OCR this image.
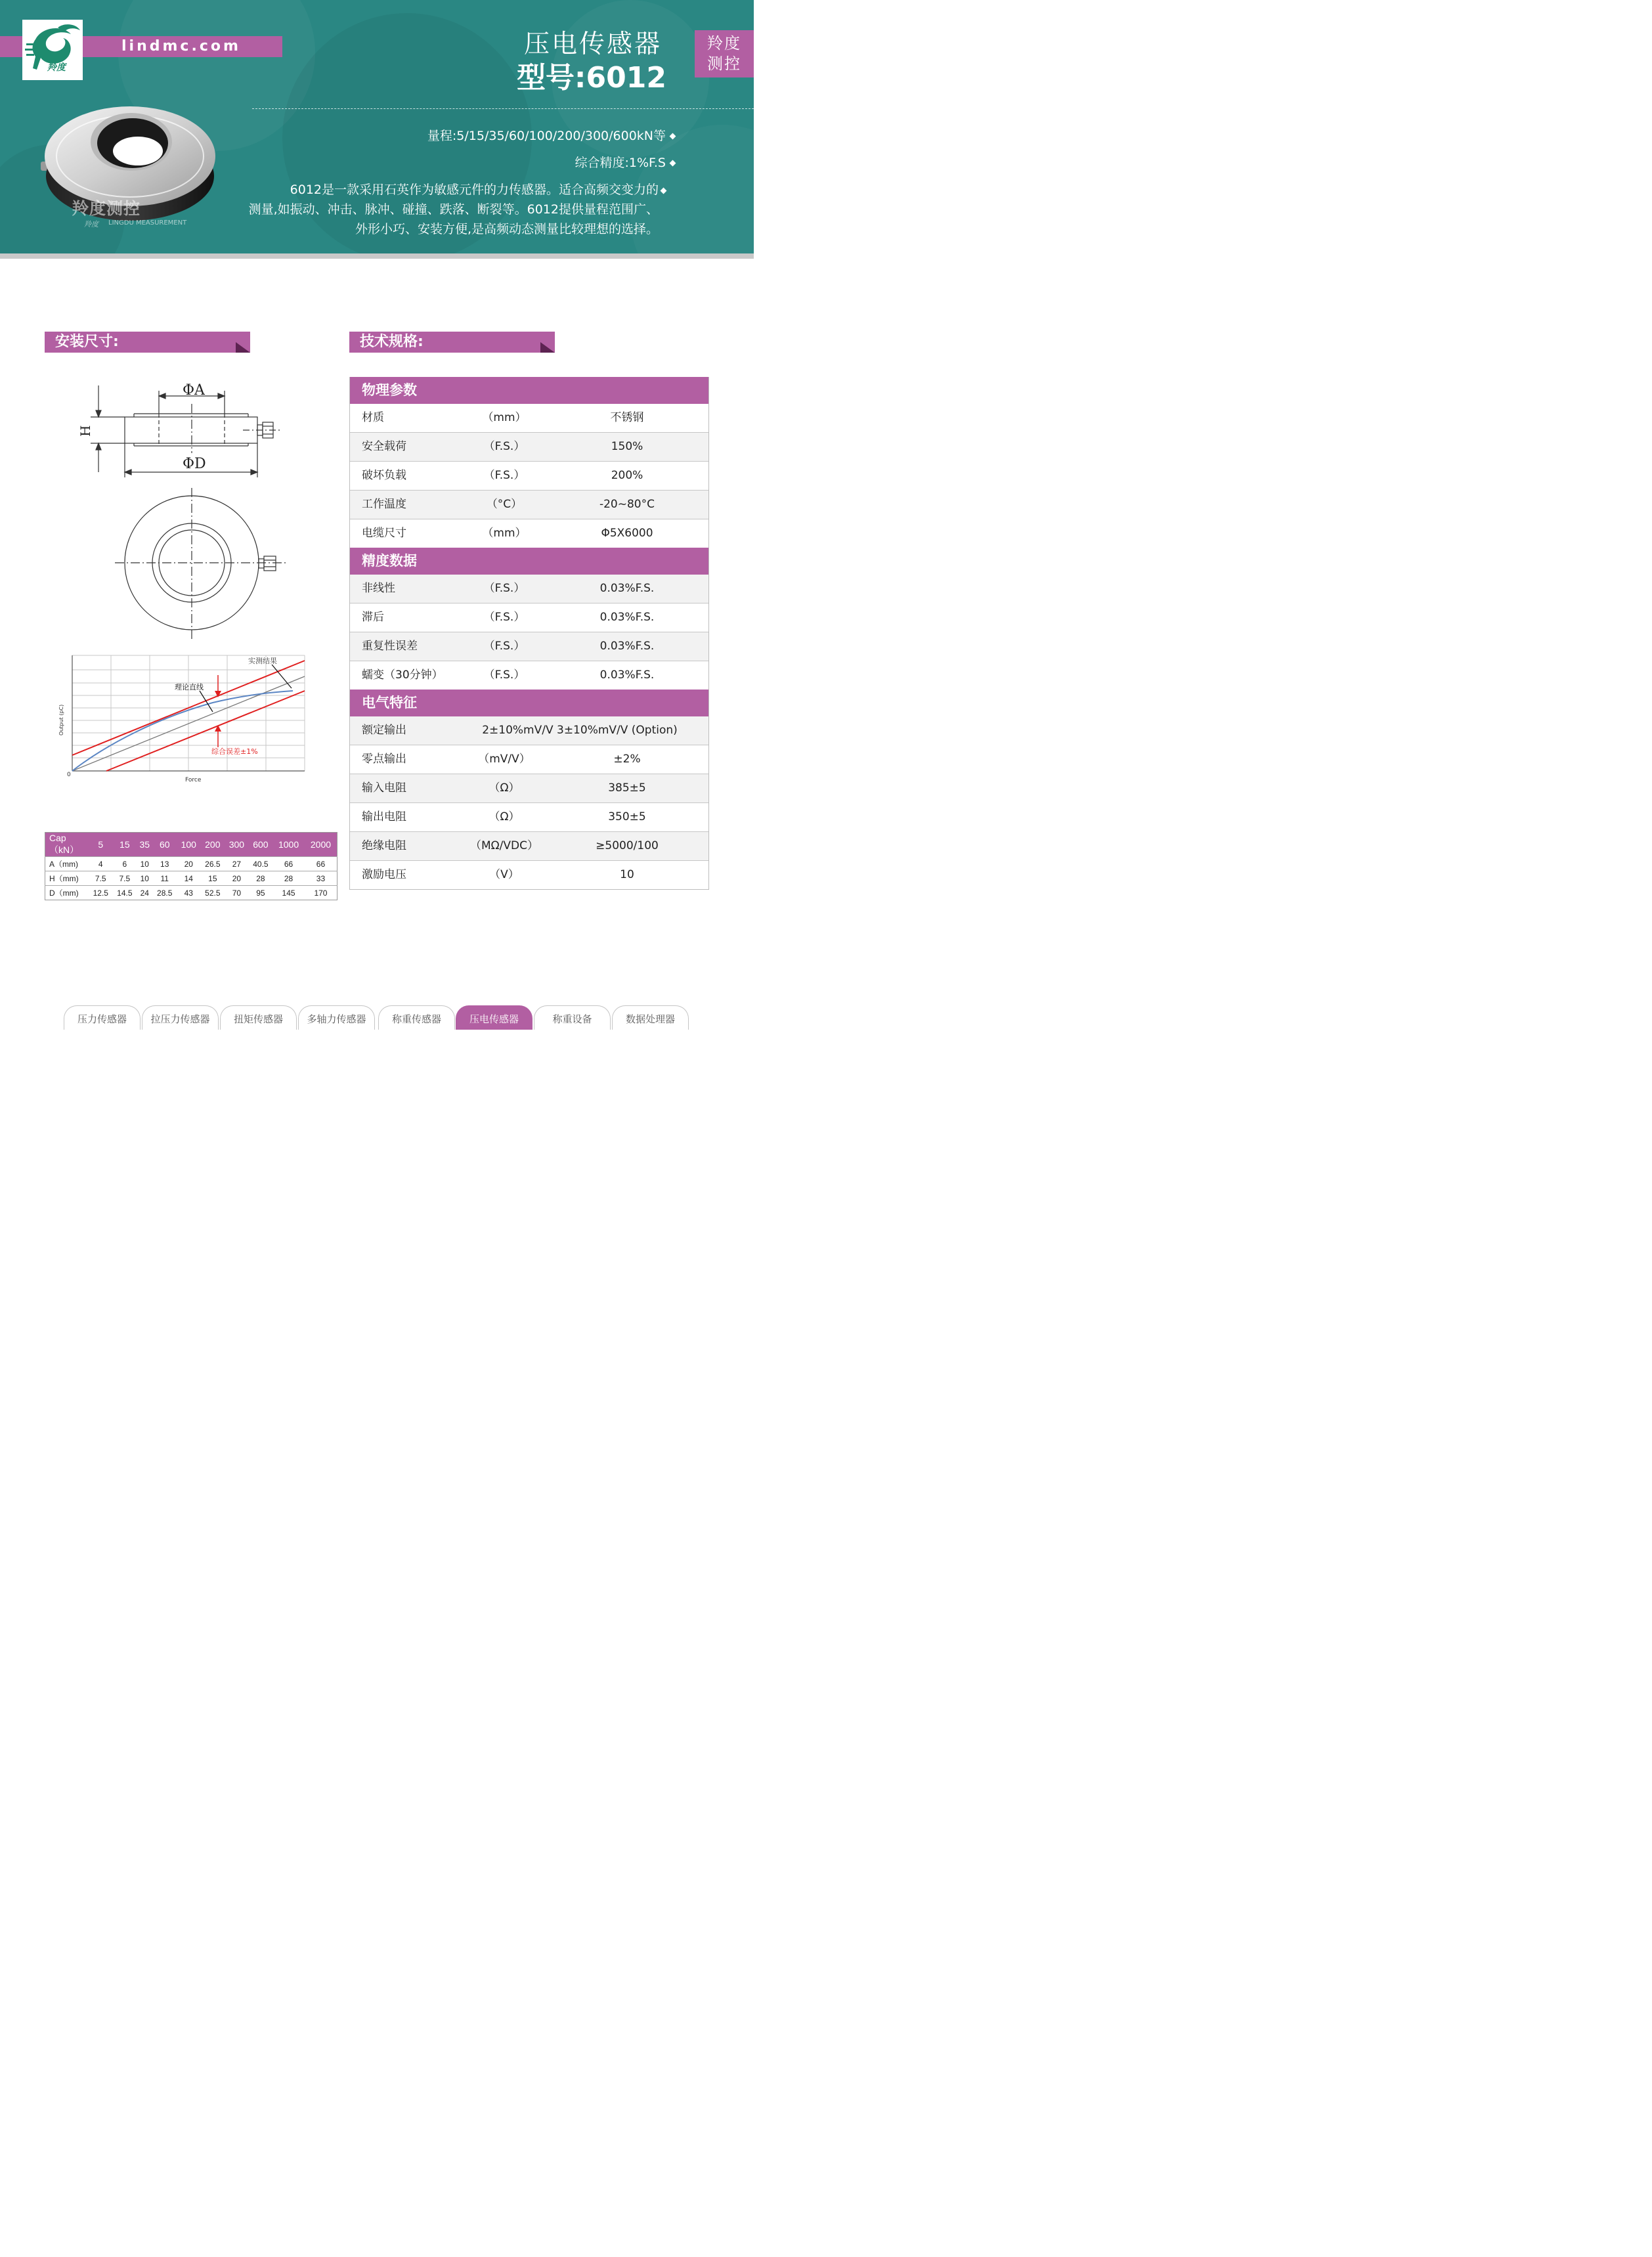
lindmc.com
羚度
压电传感器
型号:6012
羚度
测控
量程:5/15/35/60/100/200/300/600kN等
综合精度:1%F.S
6012是一款采用石英作为敏感元件的力传感器。适合高频交变力的
测量,如振动、冲击、脉冲、碰撞、跌落、断裂等。6012提供量程范围广、
外形小巧、安装方便,是高频动态测量比较理想的选择。
羚度测控
羚度 LINGDU MEASUREMENT
安装尺寸:	技术规格:
ΦA
ΦD
H
理论直线
实测结果
综合误差±1%
Force
0
Output (pC)
Cap（kN）	5	15	35	60	100	200	300	600	1000	2000
A（mm)	4	6	10	13	20	26.5	27	40.5	66	66
H（mm)	7.5	7.5	10	11	14	15	20	28	28	33
D（mm)	12.5	14.5	24	28.5	43	52.5	70	95	145	170
物理参数
材质	（mm）	不锈钢
安全载荷	（F.S.）	150%
破坏负载	（F.S.）	200%
工作温度	（°C）	-20~80°C
电缆尺寸	（mm）	Φ5X6000
精度数据
非线性	（F.S.）	0.03%F.S.
滞后	（F.S.）	0.03%F.S.
重复性误差	（F.S.）	0.03%F.S.
蠕变（30分钟）	（F.S.）	0.03%F.S.
电气特征
额定输出	2±10%mV/V 3±10%mV/V (Option)
零点输出	（mV/V）	±2%
输入电阻	（Ω）	385±5
输出电阻	（Ω）	350±5
绝缘电阻	（MΩ/VDC）	≥5000/100
激励电压	（V）	10
压力传感器	拉压力传感器	扭矩传感器	多轴力传感器	称重传感器	压电传感器	称重设备	数据处理器
